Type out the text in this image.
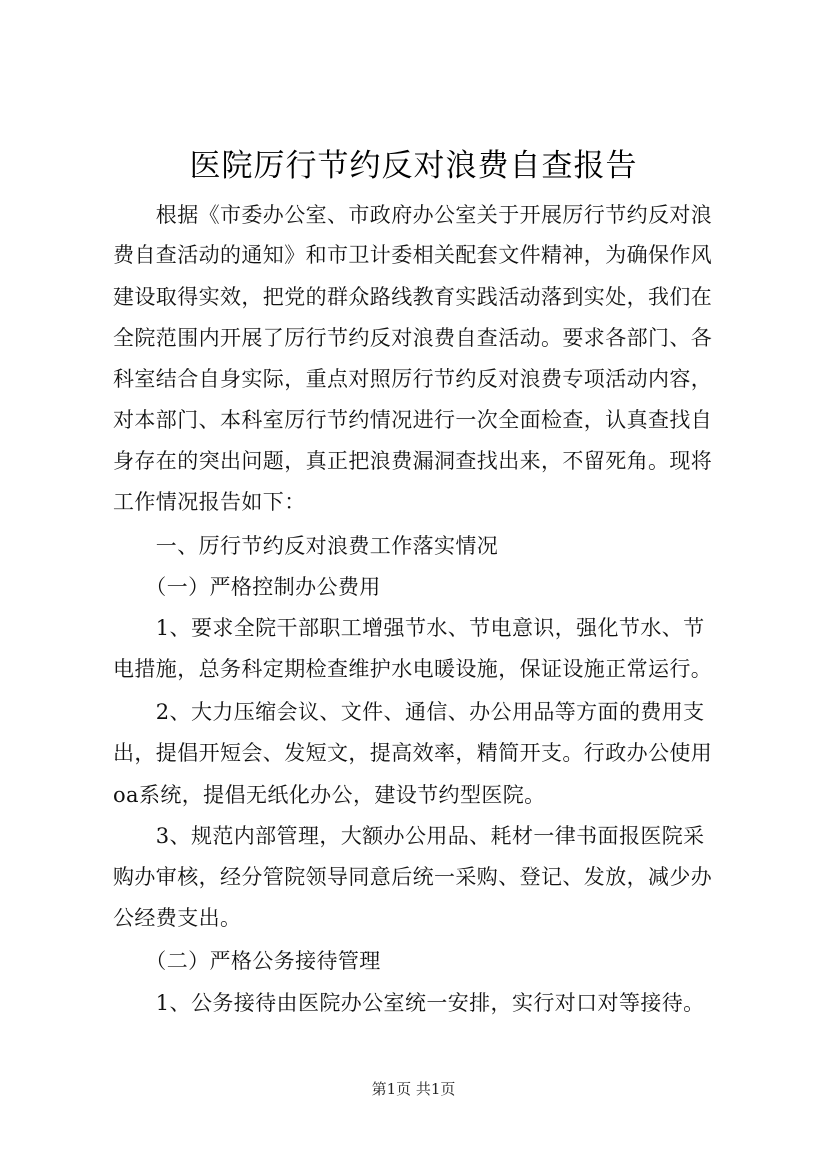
医院厉行节约反对浪费自查报告
　　根据《市委办公室、市政府办公室关于开展厉行节约反对浪
费自查活动的通知》和市卫计委相关配套文件精神，为确保作风
建设取得实效，把党的群众路线教育实践活动落到实处，我们在
全院范围内开展了厉行节约反对浪费自查活动。要求各部门、各
科室结合自身实际，重点对照厉行节约反对浪费专项活动内容，
对本部门、本科室厉行节约情况进行一次全面检查，认真查找自
身存在的突出问题，真正把浪费漏洞查找出来，不留死角。现将
工作情况报告如下：
　　一、厉行节约反对浪费工作落实情况
　　（一）严格控制办公费用
　　1、要求全院干部职工增强节水、节电意识，强化节水、节
电措施，总务科定期检查维护水电暖设施，保证设施正常运行。
　　2、大力压缩会议、文件、通信、办公用品等方面的费用支
出，提倡开短会、发短文，提高效率，精简开支。行政办公使用
oa系统，提倡无纸化办公，建设节约型医院。
　　3、规范内部管理，大额办公用品、耗材一律书面报医院采
购办审核，经分管院领导同意后统一采购、登记、发放，减少办
公经费支出。
　　（二）严格公务接待管理
　　1、公务接待由医院办公室统一安排，实行对口对等接待。
第1页 共1页
